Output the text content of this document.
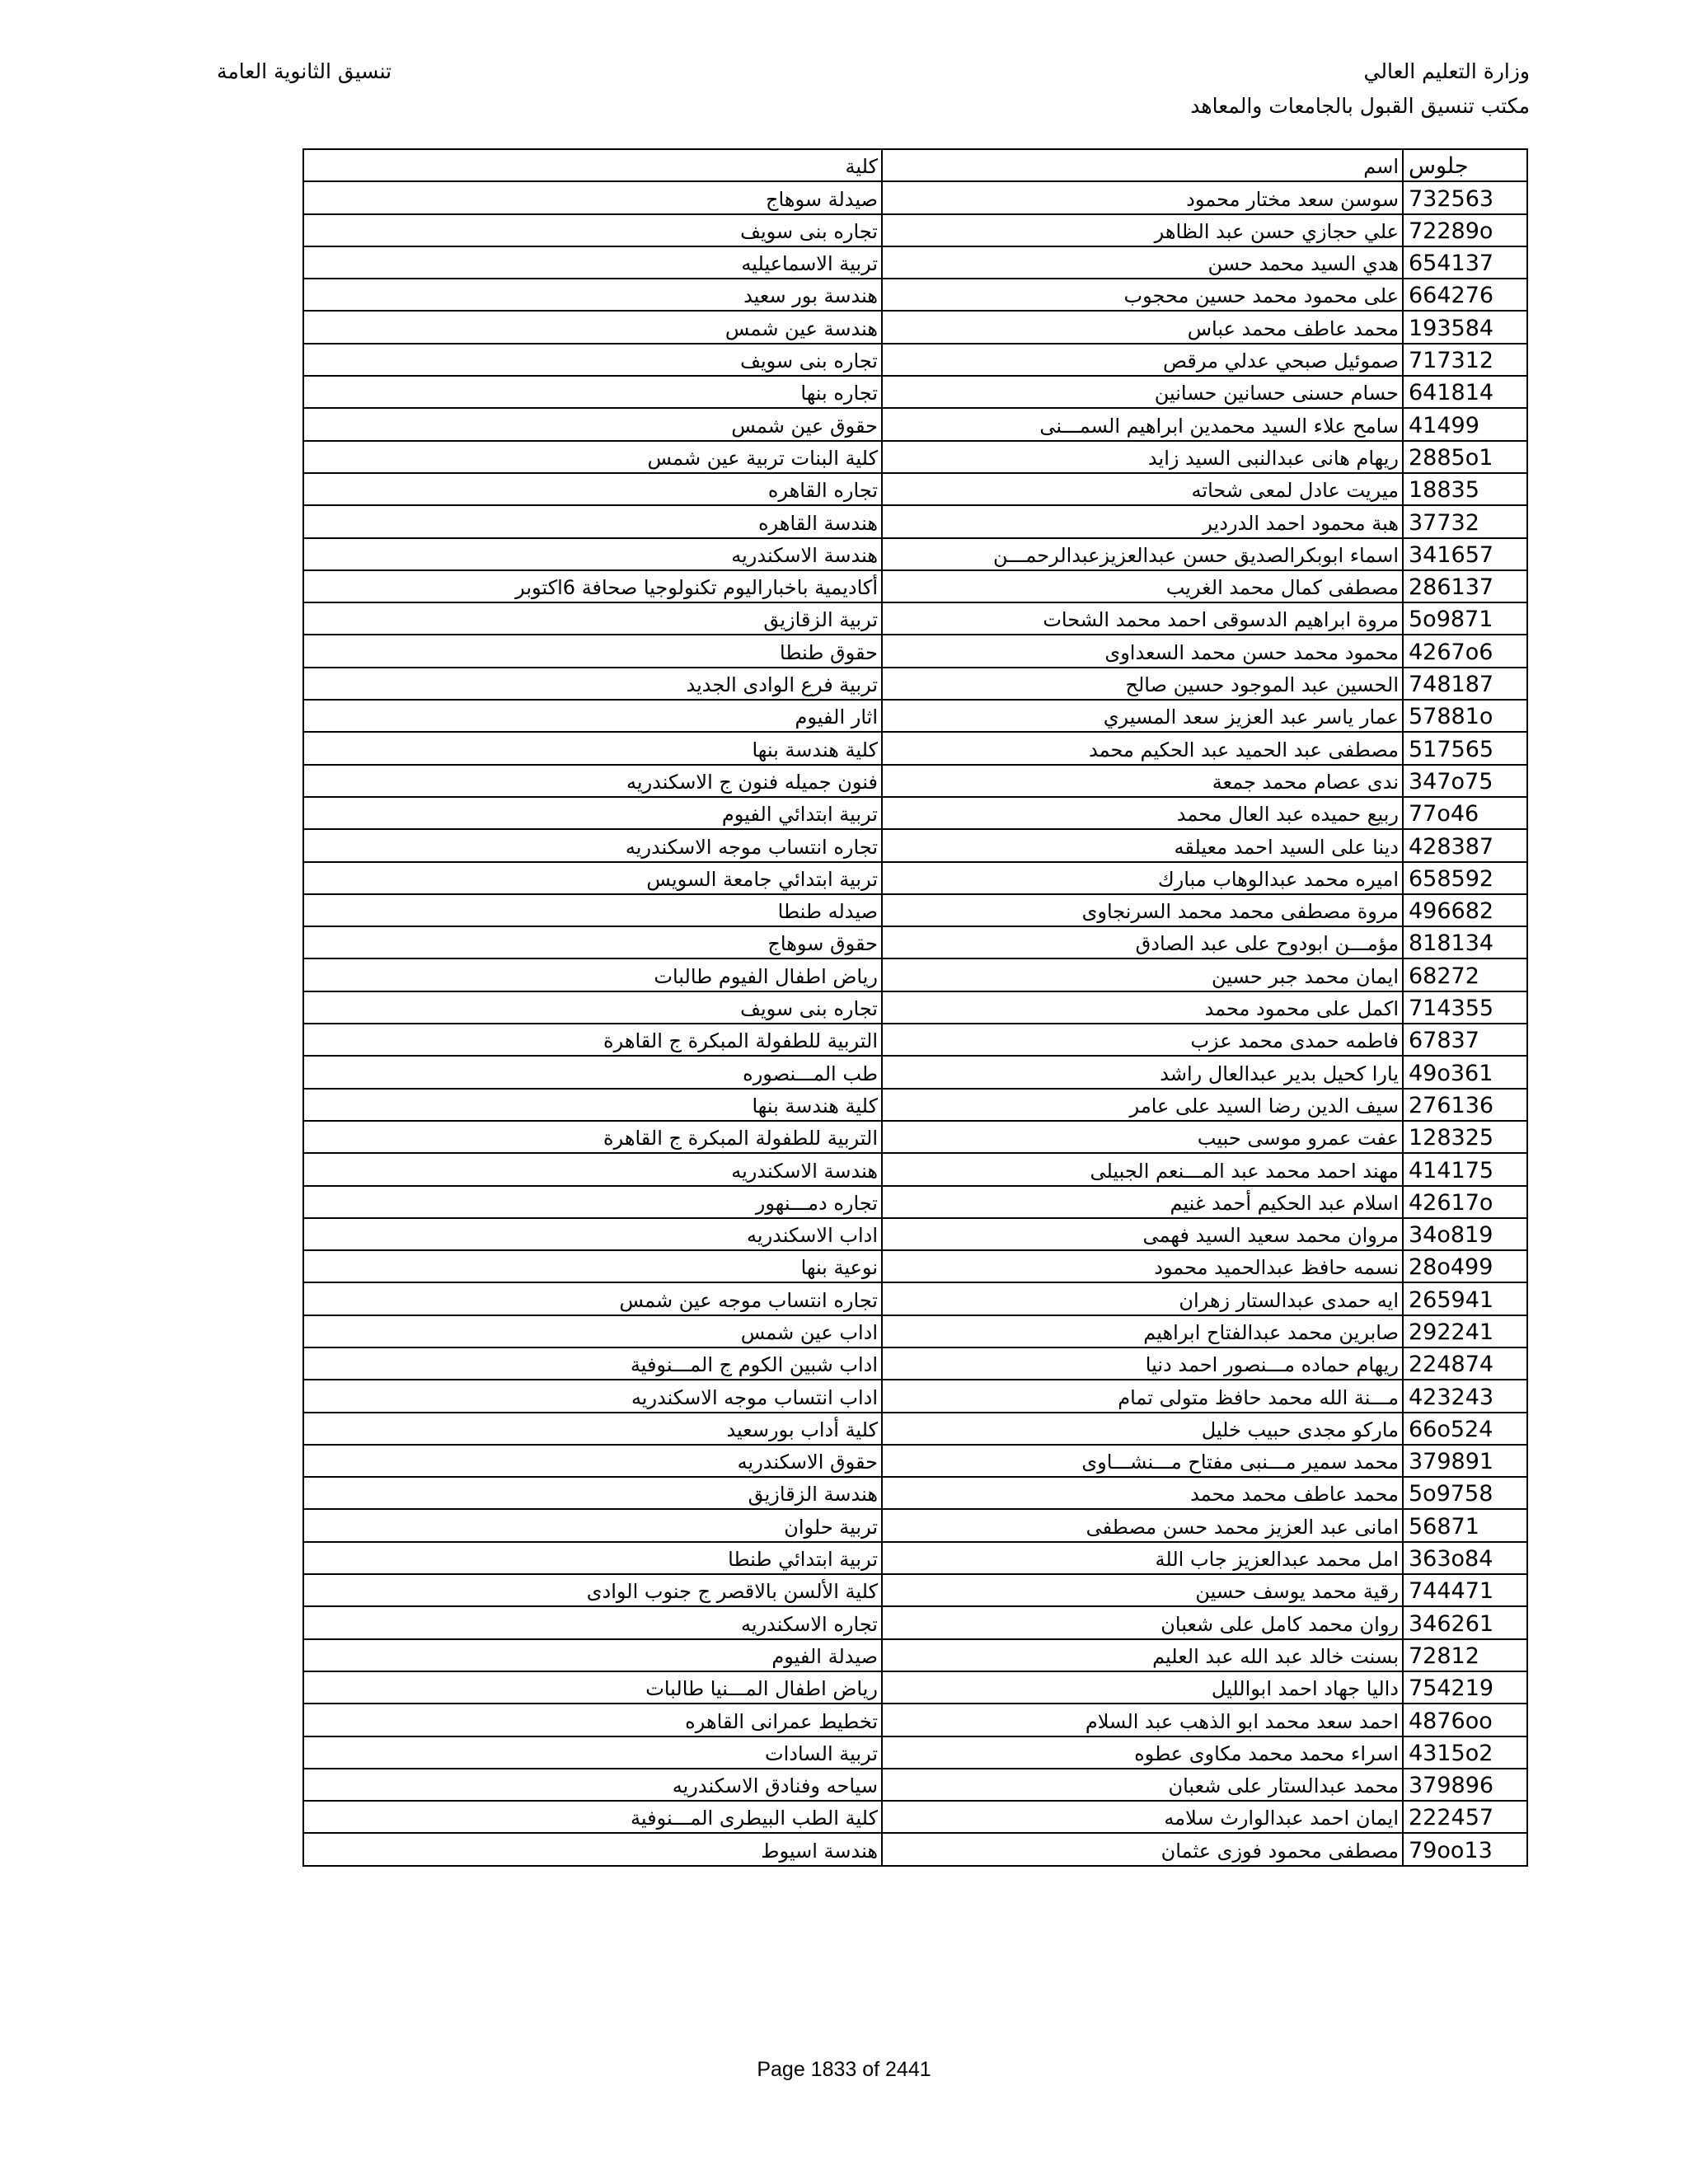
وزارة التعليم العالي
مكتب تنسيق القبول بالجامعات والمعاهد
تنسيق الثانوية العامة
جلوس	اسم	كلية
732563	سوسن سعد مختار محمود	صيدلة سوهاج
72289o	علي حجازي حسن عبد الظاهر	تجاره بنى سويف
654137	هدي السيد محمد حسن	تربية الاسماعيليه
664276	على محمود محمد حسين محجوب	هندسة بور سعيد
193584	محمد عاطف محمد عباس	هندسة عين شمس
717312	صموئيل صبحي عدلي مرقص	تجاره بنى سويف
641814	حسام حسنى حسانين حسانين	تجاره بنها
41499	سامح علاء السيد محمدين ابراهيم السمـــنى	حقوق عين شمس
2885o1	ريهام هانى عبدالنبى السيد زايد	كلية البنات تربية عين شمس
18835	ميريت عادل لمعى شحاته	تجاره القاهره
37732	هبة محمود احمد الدردير	هندسة القاهره
341657	اسماء ابوبكرالصديق حسن عبدالعزيزعبدالرحمـــن	هندسة الاسكندريه
286137	مصطفى كمال محمد الغريب	أكاديمية باخباراليوم تكنولوجيا صحافة 6اكتوبر
5o9871	مروة ابراهيم الدسوقى احمد محمد الشحات	تربية الزقازيق
4267o6	محمود محمد حسن محمد السعداوى	حقوق طنطا
748187	الحسين عبد الموجود حسين صالح	تربية فرع الوادى الجديد
57881o	عمار ياسر عبد العزيز سعد المسيري	اثار الفيوم
517565	مصطفى عبد الحميد عبد الحكيم محمد	كلية هندسة بنها
347o75	ندى عصام محمد جمعة	فنون جميله فنون ج الاسكندريه
77o46	ربيع حميده عبد العال محمد	تربية ابتدائي الفيوم
428387	دينا على السيد احمد معيلقه	تجاره انتساب موجه الاسكندريه
658592	اميره محمد عبدالوهاب مبارك	تربية ابتدائي جامعة السويس
496682	مروة مصطفى محمد محمد السرنجاوى	صيدله طنطا
818134	مؤمـــن ابودوح على عبد الصادق	حقوق سوهاج
68272	ايمان محمد جبر حسين	رياض اطفال الفيوم طالبات
714355	اكمل على محمود محمد	تجاره بنى سويف
67837	فاطمه حمدى محمد عزب	التربية للطفولة المبكرة ج القاهرة
49o361	يارا كحيل بدير عبدالعال راشد	طب المـــنصوره
276136	سيف الدين رضا السيد على عامر	كلية هندسة بنها
128325	عفت عمرو موسى حبيب	التربية للطفولة المبكرة ج القاهرة
414175	مهند احمد محمد عبد المـــنعم الجبيلى	هندسة الاسكندريه
42617o	اسلام عبد الحكيم أحمد غنيم	تجاره دمـــنهور
34o819	مروان محمد سعيد السيد فهمى	اداب الاسكندريه
28o499	نسمه حافظ عبدالحميد محمود	نوعية بنها
265941	ايه حمدى عبدالستار زهران	تجاره انتساب موجه عين شمس
292241	صابرين محمد عبدالفتاح ابراهيم	اداب عين شمس
224874	ريهام حماده مـــنصور احمد دنيا	اداب شبين الكوم ج المـــنوفية
423243	مـــنة الله محمد حافظ متولى تمام	اداب انتساب موجه الاسكندريه
66o524	ماركو مجدى حبيب خليل	كلية أداب بورسعيد
379891	محمد سمير مـــنبى مفتاح مـــنشـــاوى	حقوق الاسكندريه
5o9758	محمد عاطف محمد محمد	هندسة الزقازيق
56871	امانى عبد العزيز محمد حسن مصطفى	تربية حلوان
363o84	امل محمد عبدالعزيز جاب اللة	تربية ابتدائي طنطا
744471	رقية محمد يوسف حسين	كلية الألسن بالاقصر ج جنوب الوادى
346261	روان محمد كامل على شعبان	تجاره الاسكندريه
72812	بسنت خالد عبد الله عبد العليم	صيدلة الفيوم
754219	داليا جهاد احمد ابوالليل	رياض اطفال المـــنيا طالبات
4876oo	احمد سعد محمد ابو الذهب عبد السلام	تخطيط عمرانى القاهره
4315o2	اسراء محمد محمد مكاوى عطوه	تربية السادات
379896	محمد عبدالستار على شعبان	سياحه وفنادق الاسكندريه
222457	ايمان احمد عبدالوارث سلامه	كلية الطب البيطرى المـــنوفية
79oo13	مصطفى محمود فوزى عثمان	هندسة اسيوط
Page 1833 of 2441
